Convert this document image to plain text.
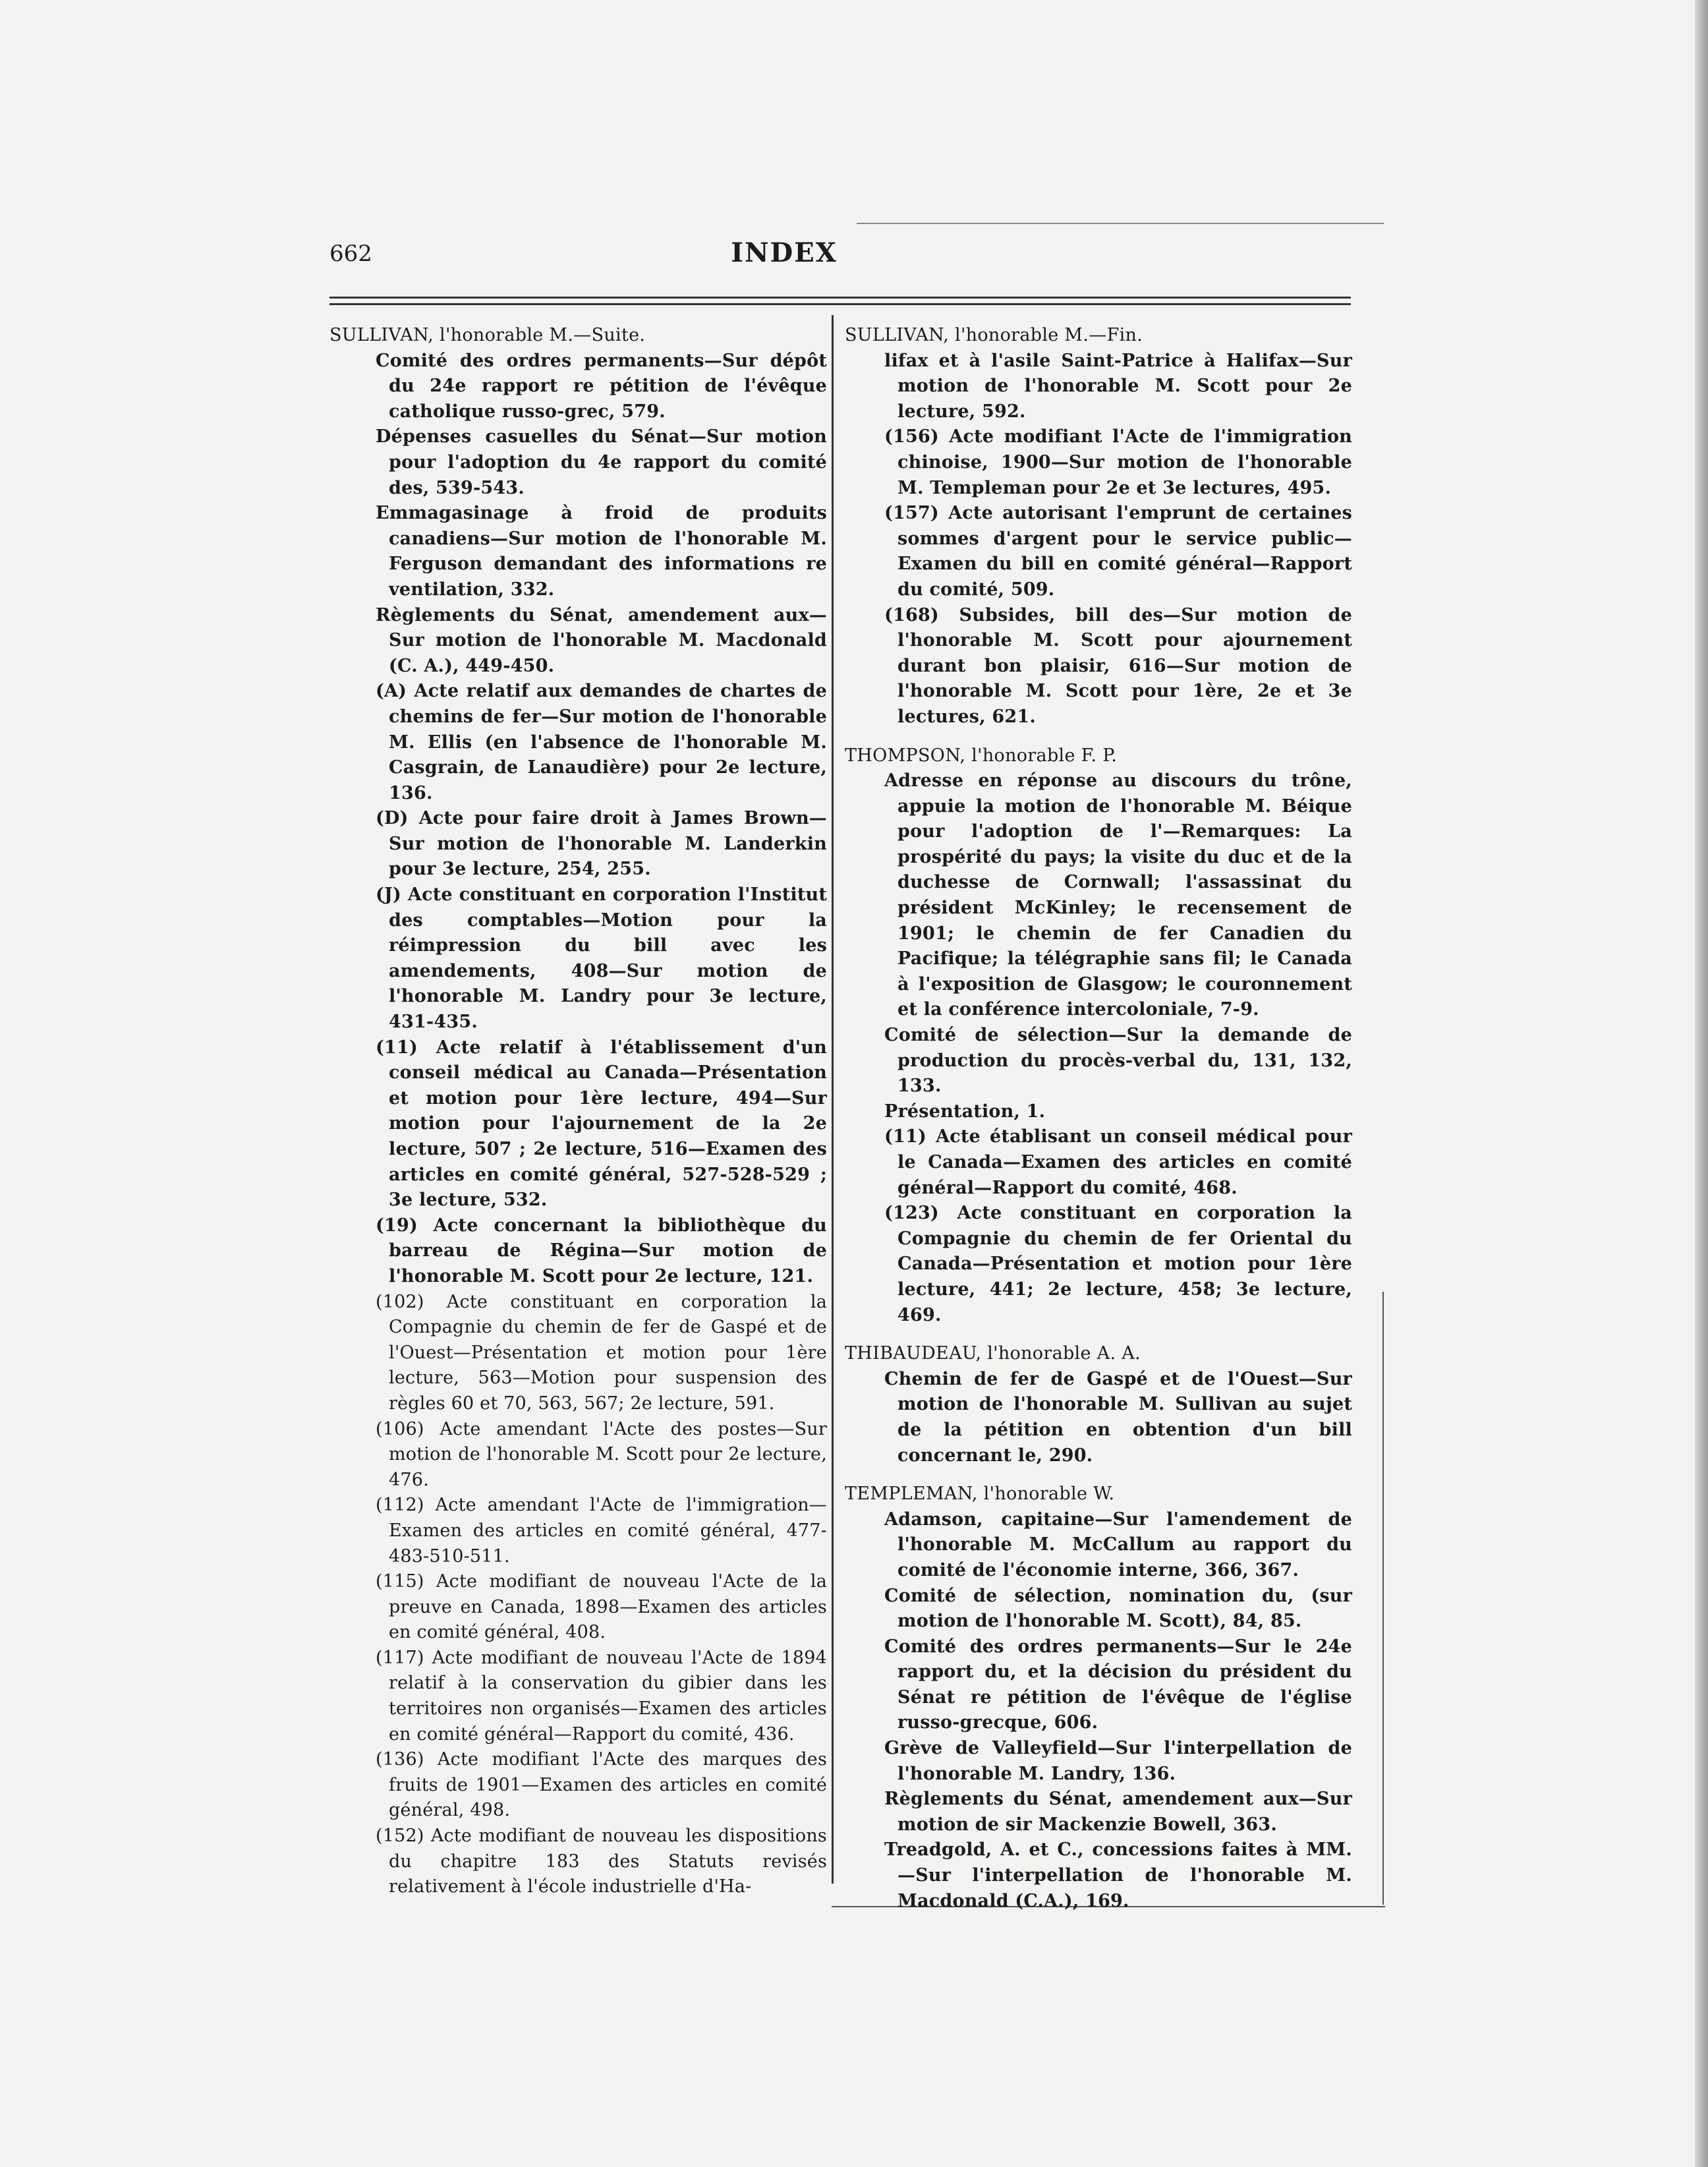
662	INDEX

SULLIVAN, l'honorable M.—Suite.

Comité des ordres permanents—Sur dépôt du 24e rapport re pétition de l'évêque catholique russo-grec, 579.

Dépenses casuelles du Sénat—Sur motion pour l'adoption du 4e rapport du comité des, 539-543.

Emmagasinage à froid de produits canadiens—Sur motion de l'honorable M. Ferguson demandant des informations re ventilation, 332.

Règlements du Sénat, amendement aux—Sur motion de l'honorable M. Macdonald (C. A.), 449-450.

(A) Acte relatif aux demandes de chartes de chemins de fer—Sur motion de l'honorable M. Ellis (en l'absence de l'honorable M. Casgrain, de Lanaudière) pour 2e lecture, 136.

(D) Acte pour faire droit à James Brown—Sur motion de l'honorable M. Landerkin pour 3e lecture, 254, 255.

(J) Acte constituant en corporation l'Institut des comptables—Motion pour la réimpression du bill avec les amendements, 408—Sur motion de l'honorable M. Landry pour 3e lecture, 431-435.

(11) Acte relatif à l'établissement d'un conseil médical au Canada—Présentation et motion pour 1ère lecture, 494—Sur motion pour l'ajournement de la 2e lecture, 507 ; 2e lecture, 516—Examen des articles en comité général, 527-528-529 ; 3e lecture, 532.

(19) Acte concernant la bibliothèque du barreau de Régina—Sur motion de l'honorable M. Scott pour 2e lecture, 121.

(102) Acte constituant en corporation la Compagnie du chemin de fer de Gaspé et de l'Ouest—Présentation et motion pour 1ère lecture, 563—Motion pour suspension des règles 60 et 70, 563, 567; 2e lecture, 591.

(106) Acte amendant l'Acte des postes—Sur motion de l'honorable M. Scott pour 2e lecture, 476.

(112) Acte amendant l'Acte de l'immigration—Examen des articles en comité général, 477-483-510-511.

(115) Acte modifiant de nouveau l'Acte de la preuve en Canada, 1898—Examen des articles en comité général, 408.

(117) Acte modifiant de nouveau l'Acte de 1894 relatif à la conservation du gibier dans les territoires non organisés—Examen des articles en comité général—Rapport du comité, 436.

(136) Acte modifiant l'Acte des marques des fruits de 1901—Examen des articles en comité général, 498.

(152) Acte modifiant de nouveau les dispositions du chapitre 183 des Statuts revisés relativement à l'école industrielle d'Ha-

SULLIVAN, l'honorable M.—Fin.

lifax et à l'asile Saint-Patrice à Halifax—Sur motion de l'honorable M. Scott pour 2e lecture, 592.

(156) Acte modifiant l'Acte de l'immigration chinoise, 1900—Sur motion de l'honorable M. Templeman pour 2e et 3e lectures, 495.

(157) Acte autorisant l'emprunt de certaines sommes d'argent pour le service public—Examen du bill en comité général—Rapport du comité, 509.

(168) Subsides, bill des—Sur motion de l'honorable M. Scott pour ajournement durant bon plaisir, 616—Sur motion de l'honorable M. Scott pour 1ère, 2e et 3e lectures, 621.

THOMPSON, l'honorable F. P.

Adresse en réponse au discours du trône, appuie la motion de l'honorable M. Béique pour l'adoption de l'—Remarques: La prospérité du pays; la visite du duc et de la duchesse de Cornwall; l'assassinat du président McKinley; le recensement de 1901; le chemin de fer Canadien du Pacifique; la télégraphie sans fil; le Canada à l'exposition de Glasgow; le couronnement et la conférence intercoloniale, 7-9.

Comité de sélection—Sur la demande de production du procès-verbal du, 131, 132, 133.

Présentation, 1.

(11) Acte établisant un conseil médical pour le Canada—Examen des articles en comité général—Rapport du comité, 468.

(123) Acte constituant en corporation la Compagnie du chemin de fer Oriental du Canada—Présentation et motion pour 1ère lecture, 441; 2e lecture, 458; 3e lecture, 469.

THIBAUDEAU, l'honorable A. A.

Chemin de fer de Gaspé et de l'Ouest—Sur motion de l'honorable M. Sullivan au sujet de la pétition en obtention d'un bill concernant le, 290.

TEMPLEMAN, l'honorable W.

Adamson, capitaine—Sur l'amendement de l'honorable M. McCallum au rapport du comité de l'économie interne, 366, 367.

Comité de sélection, nomination du, (sur motion de l'honorable M. Scott), 84, 85.

Comité des ordres permanents—Sur le 24e rapport du, et la décision du président du Sénat re pétition de l'évêque de l'église russo-grecque, 606.

Grève de Valleyfield—Sur l'interpellation de l'honorable M. Landry, 136.

Règlements du Sénat, amendement aux—Sur motion de sir Mackenzie Bowell, 363.

Treadgold, A. et C., concessions faites à MM.—Sur l'interpellation de l'honorable M. Macdonald (C.A.), 169.
